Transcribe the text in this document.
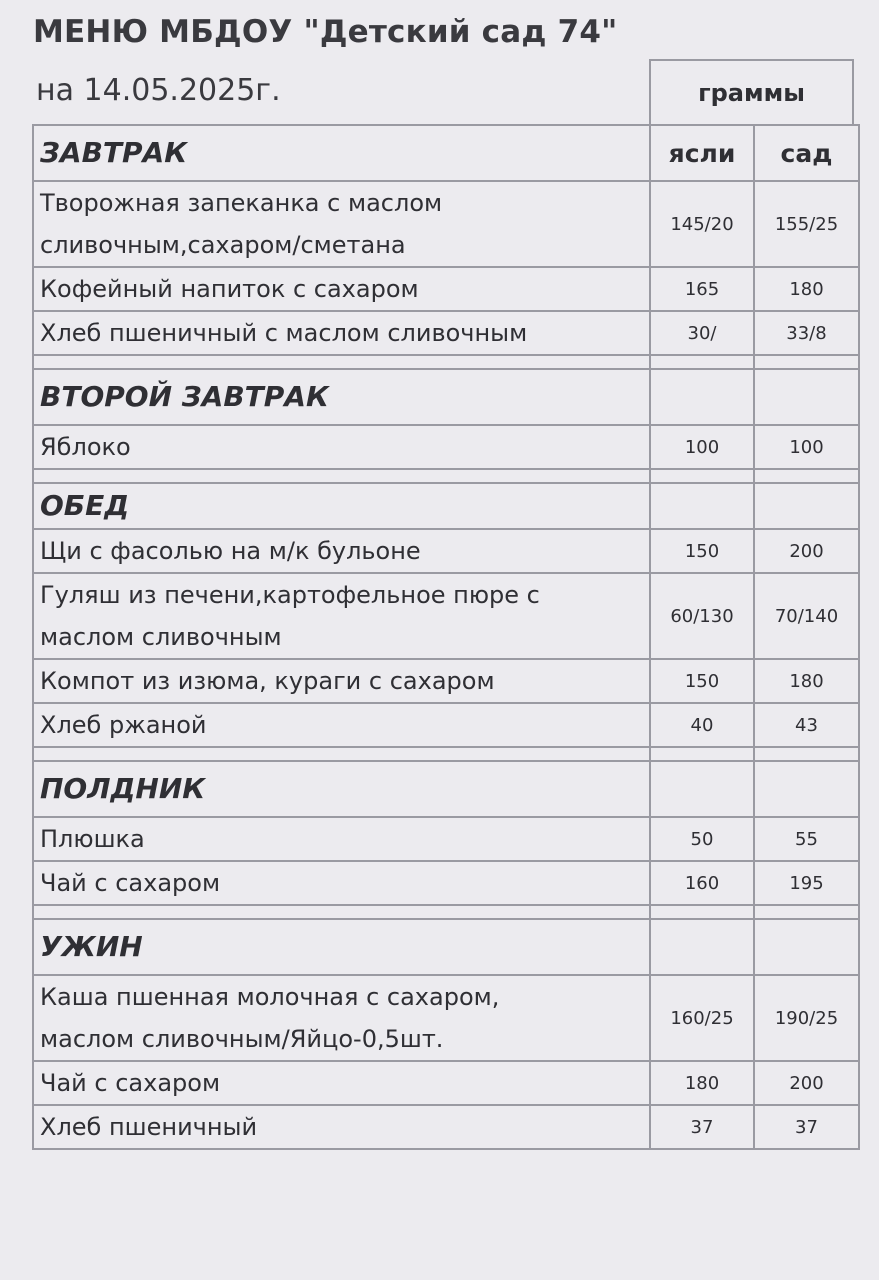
МЕНЮ МБДОУ "Детский сад 74"
на 14.05.2025г.	граммы
ЗАВТРАК	ясли	сад

Творожная запеканка с маслом
сливочным,сахаром/сметана	145/20	155/25
Кофейный напиток с сахаром	165	180
Хлеб пшеничный с маслом сливочным	30/	33/8

ВТОРОЙ ЗАВТРАК		
Яблоко	100	100

ОБЕД		
Щи с фасолью на м/к бульоне	150	200

Гуляш из печени,картофельное пюре с
маслом сливочным	60/130	70/140
Компот из изюма, кураги с сахаром	150	180
Хлеб ржаной	40	43

ПОЛДНИК		
Плюшка	50	55
Чай с сахаром	160	195

УЖИН		

Каша пшенная молочная с сахаром,
маслом сливочным/Яйцо-0,5шт.	160/25	190/25
Чай с сахаром	180	200
Хлеб пшеничный	37	37
